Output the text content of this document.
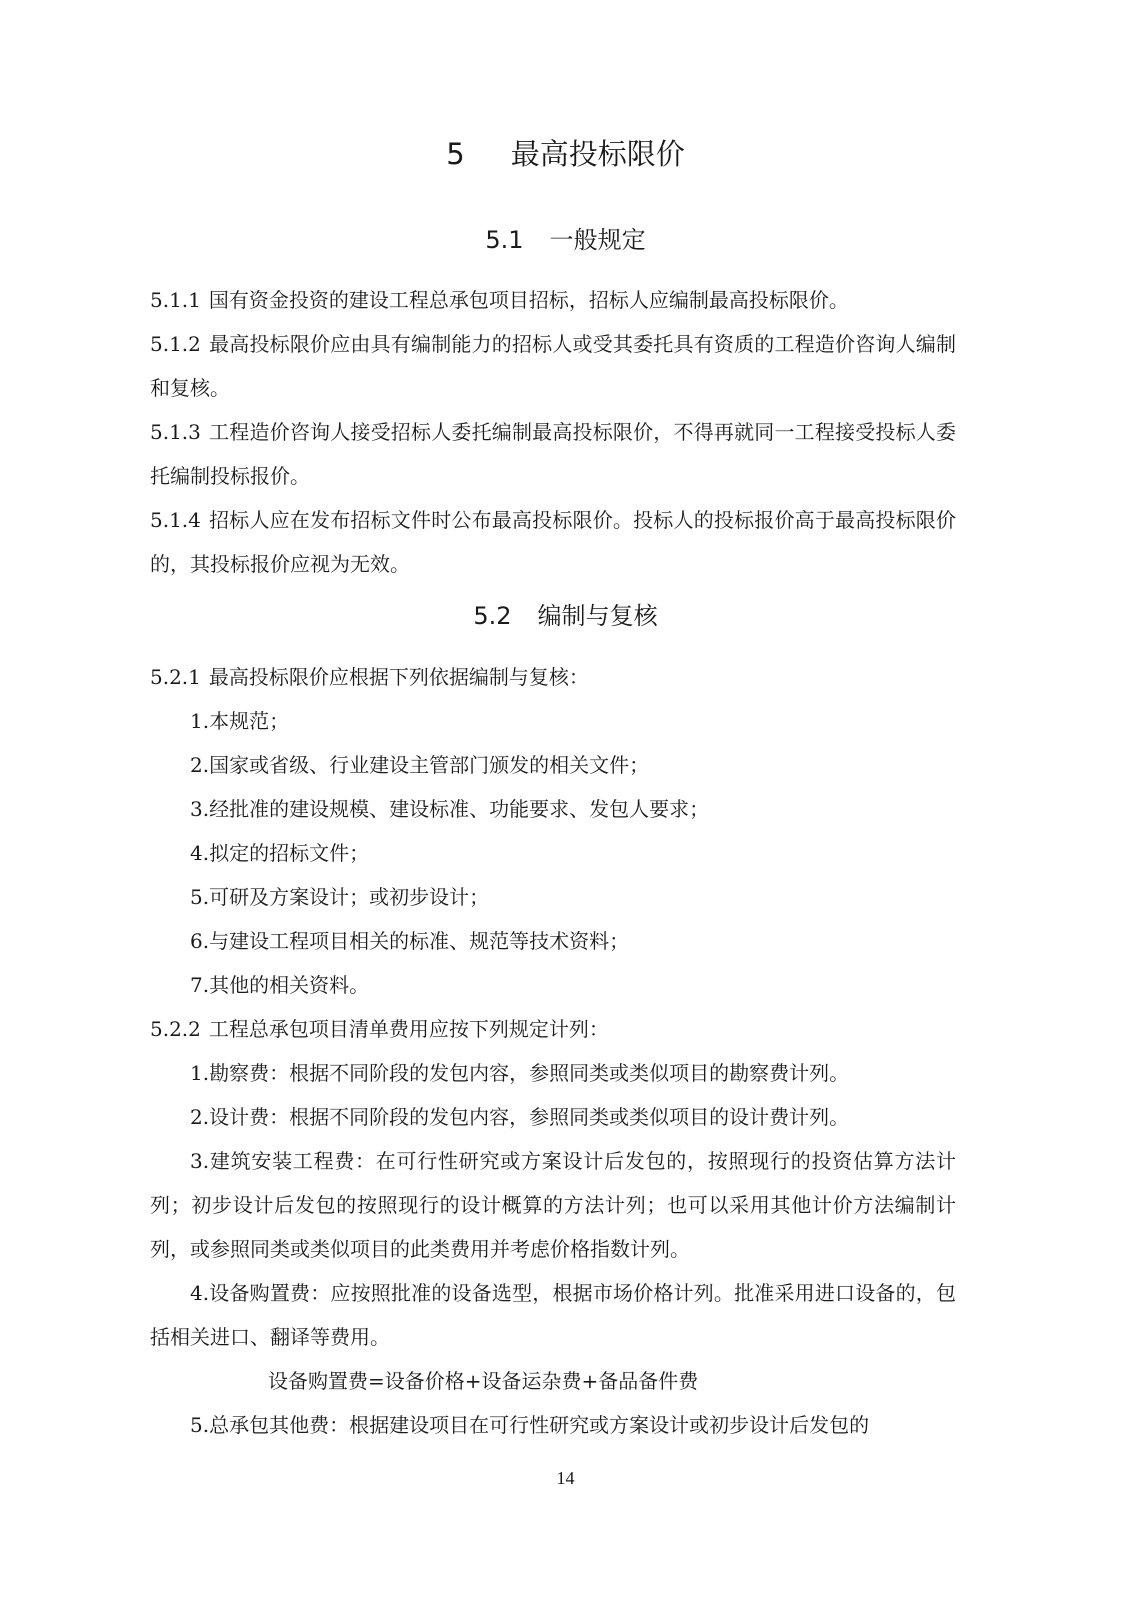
5 最高投标限价
5.1 一般规定

5.1.1 国有资金投资的建设工程总承包项目招标，招标人应编制最高投标限价。

5.1.2 最高投标限价应由具有编制能力的招标人或受其委托具有资质的工程造价咨询人编制和复核。

5.1.3 工程造价咨询人接受招标人委托编制最高投标限价，不得再就同一工程接受投标人委托编制投标报价。

5.1.4 招标人应在发布招标文件时公布最高投标限价。投标人的投标报价高于最高投标限价的，其投标报价应视为无效。

5.2 编制与复核

5.2.1 最高投标限价应根据下列依据编制与复核：

1.本规范；

2.国家或省级、行业建设主管部门颁发的相关文件；

3.经批准的建设规模、建设标准、功能要求、发包人要求；

4.拟定的招标文件；

5.可研及方案设计；或初步设计；

6.与建设工程项目相关的标准、规范等技术资料；

7.其他的相关资料。

5.2.2 工程总承包项目清单费用应按下列规定计列：

1.勘察费：根据不同阶段的发包内容，参照同类或类似项目的勘察费计列。

2.设计费：根据不同阶段的发包内容，参照同类或类似项目的设计费计列。

3.建筑安装工程费：在可行性研究或方案设计后发包的，按照现行的投资估算方法计列；初步设计后发包的按照现行的设计概算的方法计列；也可以采用其他计价方法编制计列，或参照同类或类似项目的此类费用并考虑价格指数计列。

4.设备购置费：应按照批准的设备选型，根据市场价格计列。批准采用进口设备的，包括相关进口、翻译等费用。

设备购置费=设备价格+设备运杂费+备品备件费

5.总承包其他费：根据建设项目在可行性研究或方案设计或初步设计后发包的

14
